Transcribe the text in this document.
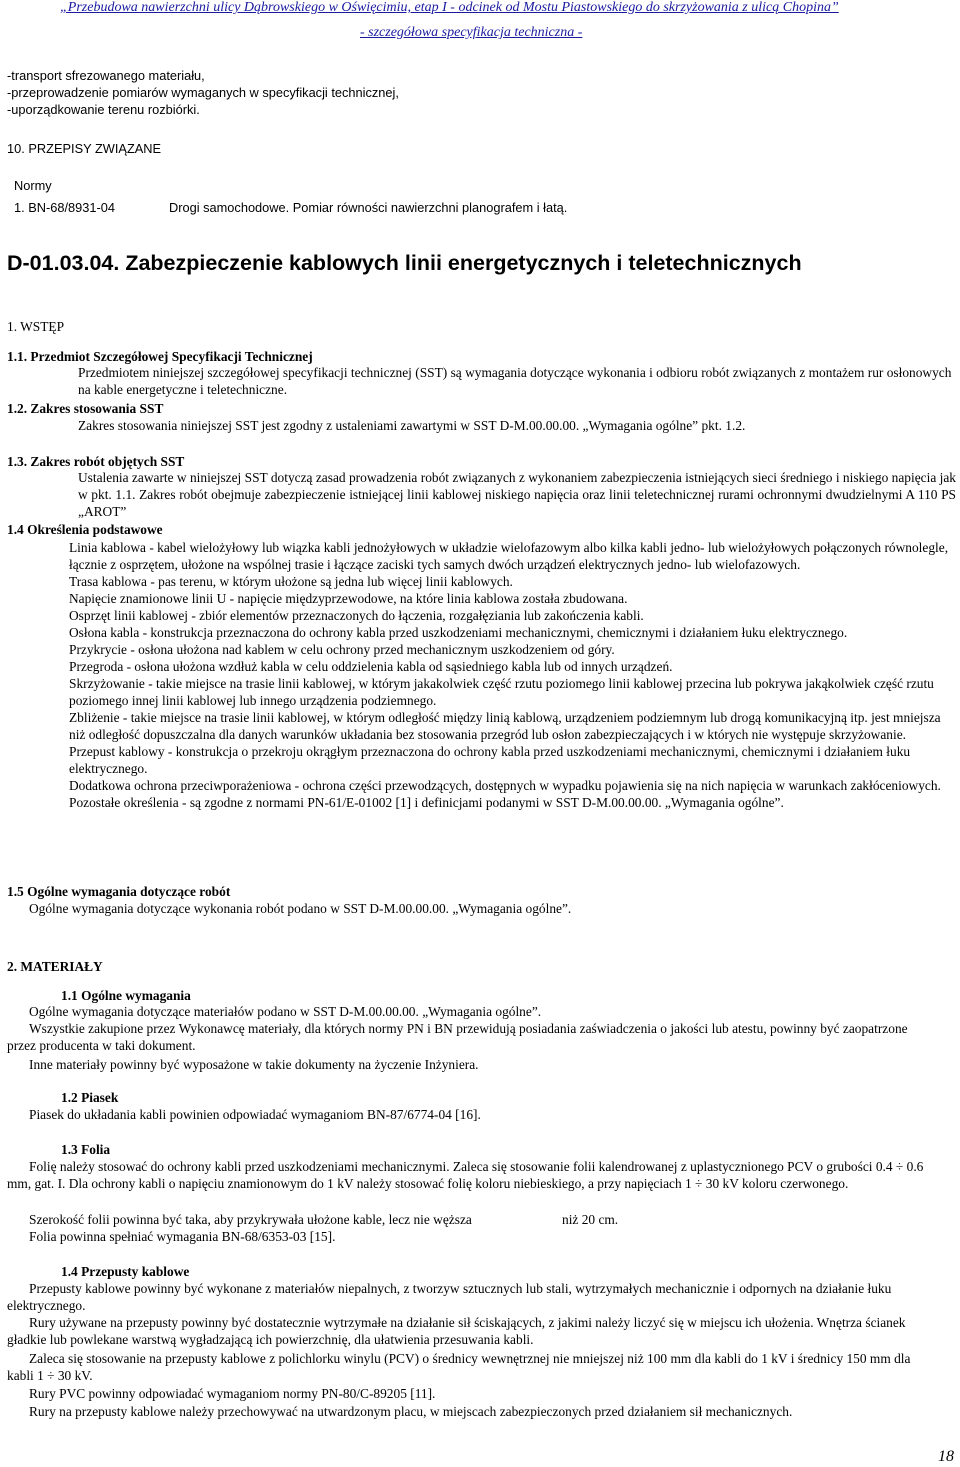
„Przebudowa nawierzchni ulicy Dąbrowskiego w Oświęcimiu, etap I - odcinek od Mostu Piastowskiego do skrzyżowania z ulicą Chopina”
- szczegółowa specyfikacja techniczna -

-transport sfrezowanego materiału,

-przeprowadzenie pomiarów wymaganych w specyfikacji technicznej,

-uporządkowanie terenu rozbiórki.

10. PRZEPISY ZWIĄZANE
Normy
1. BN-68/8931-04	Drogi samochodowe. Pomiar równości nawierzchni planografem i łatą.
D-01.03.04. Zabezpieczenie kablowych linii energetycznych i teletechnicznych
1. WSTĘP
1.1. Przedmiot Szczegółowej Specyfikacji Technicznej
Przedmiotem niniejszej szczegółowej specyfikacji technicznej (SST) są wymagania dotyczące wykonania i odbioru robót związanych z montażem rur osłonowych na kable energetyczne i teletechniczne.
1.2. Zakres stosowania SST
Zakres stosowania niniejszej SST jest zgodny z ustaleniami zawartymi w SST D-M.00.00.00. „Wymagania ogólne” pkt. 1.2.
1.3. Zakres robót objętych SST
Ustalenia zawarte w niniejszej SST dotyczą zasad prowadzenia robót związanych z wykonaniem zabezpieczenia istniejących sieci średniego i niskiego napięcia jak w pkt. 1.1. Zakres robót obejmuje zabezpieczenie istniejącej linii kablowej niskiego napięcia oraz linii teletechnicznej rurami ochronnymi dwudzielnymi A 110 PS „AROT”
1.4 Określenia podstawowe

Linia kablowa - kabel wielożyłowy lub wiązka kabli jednożyłowych w układzie wielofazowym albo kilka kabli jedno- lub wielożyłowych połączonych równolegle, łącznie z osprzętem, ułożone na wspólnej trasie i łączące zaciski tych samych dwóch urządzeń elektrycznych jedno- lub wielofazowych.

Trasa kablowa - pas terenu, w którym ułożone są jedna lub więcej linii kablowych.

Napięcie znamionowe linii U - napięcie międzyprzewodowe, na które linia kablowa została zbudowana.

Osprzęt linii kablowej - zbiór elementów przeznaczonych do łączenia, rozgałęziania lub zakończenia kabli.

Osłona kabla - konstrukcja przeznaczona do ochrony kabla przed uszkodzeniami mechanicznymi, chemicznymi i działaniem łuku elektrycznego.

Przykrycie - osłona ułożona nad kablem w celu ochrony przed mechanicznym uszkodzeniem od góry.

Przegroda - osłona ułożona wzdłuż kabla w celu oddzielenia kabla od sąsiedniego kabla lub od innych urządzeń.

Skrzyżowanie - takie miejsce na trasie linii kablowej, w którym jakakolwiek część rzutu poziomego linii kablowej przecina lub pokrywa jakąkolwiek część rzutu poziomego innej linii kablowej lub innego urządzenia podziemnego.

Zbliżenie - takie miejsce na trasie linii kablowej, w którym odległość między linią kablową, urządzeniem podziemnym lub drogą komunikacyjną itp. jest mniejsza niż odległość dopuszczalna dla danych warunków układania bez stosowania przegród lub osłon zabezpieczających i w których nie występuje skrzyżowanie.

Przepust kablowy - konstrukcja o przekroju okrągłym przeznaczona do ochrony kabla przed uszkodzeniami mechanicznymi, chemicznymi i działaniem łuku elektrycznego.

Dodatkowa ochrona przeciwporażeniowa - ochrona części przewodzących, dostępnych w wypadku pojawienia się na nich napięcia w warunkach zakłóceniowych.

Pozostałe określenia - są zgodne z normami PN-61/E-01002 [1] i definicjami podanymi w SST D-M.00.00.00. „Wymagania ogólne”.

1.5 Ogólne wymagania dotyczące robót
Ogólne wymagania dotyczące wykonania robót podano w SST D-M.00.00.00. „Wymagania ogólne”.
2. MATERIAŁY
1.1 Ogólne wymagania
Ogólne wymagania dotyczące materiałów podano w SST D-M.00.00.00. „Wymagania ogólne”.
Wszystkie zakupione przez Wykonawcę materiały, dla których normy PN i BN przewidują posiadania zaświadczenia o jakości lub atestu, powinny być zaopatrzone przez producenta w taki dokument.
Inne materiały powinny być wyposażone w takie dokumenty na życzenie Inżyniera.
1.2 Piasek
Piasek do układania kabli powinien odpowiadać wymaganiom BN-87/6774-04 [16].
1.3 Folia
Folię należy stosować do ochrony kabli przed uszkodzeniami mechanicznymi. Zaleca się stosowanie folii kalendrowanej z uplastycznionego PCV o grubości 0.4 ÷ 0.6 mm, gat. I. Dla ochrony kabli o napięciu znamionowym do 1 kV należy stosować folię koloru niebieskiego, a przy napięciach 1 ÷ 30 kV koloru czerwonego.
Szerokość folii powinna być taka, aby przykrywała ułożone kable, lecz nie węższa	niż 20 cm.
Folia powinna spełniać wymagania BN-68/6353-03 [15].
1.4 Przepusty kablowe
Przepusty kablowe powinny być wykonane z materiałów niepalnych, z tworzyw sztucznych lub stali, wytrzymałych mechanicznie i odpornych na działanie łuku elektrycznego.
Rury używane na przepusty powinny być dostatecznie wytrzymałe na działanie sił ściskających, z jakimi należy liczyć się w miejscu ich ułożenia. Wnętrza ścianek gładkie lub powlekane warstwą wygładzającą ich powierzchnię, dla ułatwienia przesuwania kabli.
Zaleca się stosowanie na przepusty kablowe z polichlorku winylu (PCV) o średnicy wewnętrznej nie mniejszej niż 100 mm dla kabli do 1 kV i średnicy 150 mm dla kabli 1 ÷ 30 kV.
Rury PVC powinny odpowiadać wymaganiom normy PN-80/C-89205 [11].
Rury na przepusty kablowe należy przechowywać na utwardzonym placu, w miejscach zabezpieczonych przed działaniem sił mechanicznych.
18
